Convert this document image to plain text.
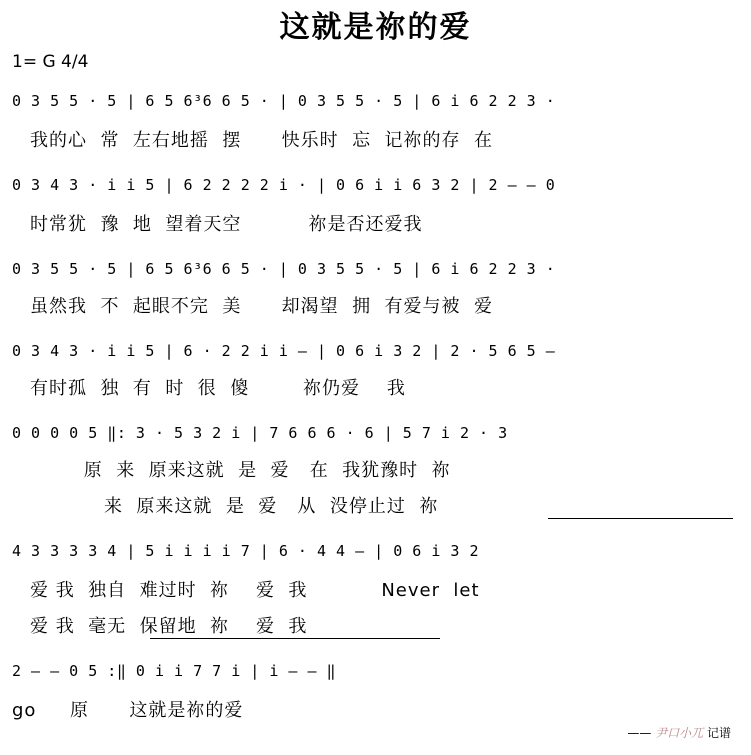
这就是祢的爱
1= G 4/4
0 3 5 5 · 5 | 6 5 6³6 6 5 · | 0 3 5 5 · 5 | 6 i 6 2 2 3 ·
我的心  常  左右地摇  摆      快乐时  忘  记祢的存  在
0 3 4 3 · i i 5 | 6 2 2 2 2 i · | 0 6 i i 6 3 2 | 2 – – 0
时常犹  豫  地  望着天空          祢是否还爱我
0 3 5 5 · 5 | 6 5 6³6 6 5 · | 0 3 5 5 · 5 | 6 i 6 2 2 3 ·
虽然我  不  起眼不完  美      却渴望  拥  有爱与被  爱
0 3 4 3 · i i 5 | 6 · 2 2 i i – | 0 6 i 3 2 | 2 · 5 6 5 –
有时孤  独  有  时  很  傻        祢仍爱    我
0 0 0 0 5 ‖: 3 · 5 3 2 i | 7 6 6 6 · 6 | 5 7 i 2 · 3
原  来  原来这就  是  爱   在  我犹豫时  祢
来  原来这就  是  爱   从  没停止过  祢
4 3 3 3 3 4 | 5 i i i i 7 | 6 · 4 4 – | 0 6 i 3 2
爱 我  独自  难过时  祢    爱  我           Never  let
爱 我  毫无  保留地  祢    爱  我
2 – – 0 5 :‖ 0 i i 7 7 i | i – – ‖
go     原      这就是祢的爱
—— 尹口小兀 记谱
